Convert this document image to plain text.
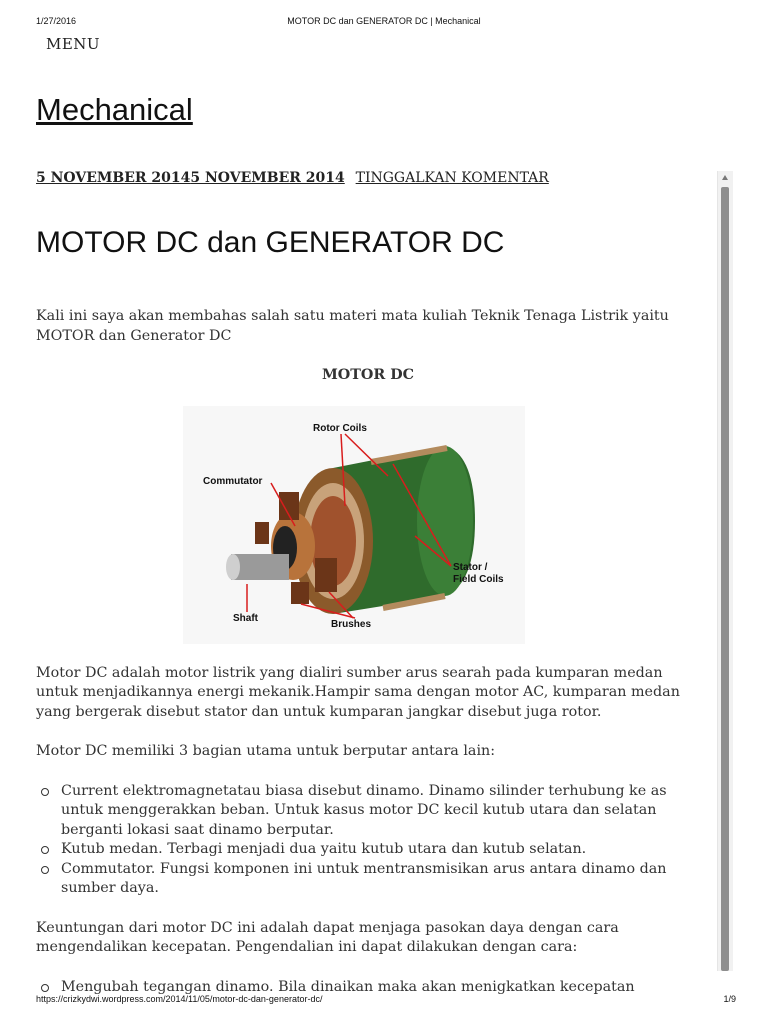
1/27/2016	MOTOR DC dan GENERATOR DC | Mechanical
MENU
Mechanical
5 NOVEMBER 20145 NOVEMBER 2014 TINGGALKAN KOMENTAR
MOTOR DC dan GENERATOR DC

Kali ini saya akan membahas salah satu materi mata kuliah Teknik Tenaga Listrik yaitu MOTOR dan Generator DC

MOTOR DC

Rotor Coils
Commutator
Stator /
Field Coils
Shaft
Brushes

Motor DC adalah motor listrik yang dialiri sumber arus searah pada kumparan medan untuk menjadikannya energi mekanik.Hampir sama dengan motor AC, kumparan medan yang bergerak disebut stator dan untuk kumparan jangkar disebut juga rotor.

Motor DC memiliki 3 bagian utama untuk berputar antara lain:

Current elektromagnetatau biasa disebut dinamo. Dinamo silinder terhubung ke as untuk menggerakkan beban. Untuk kasus motor DC kecil kutub utara dan selatan berganti lokasi saat dinamo berputar.
Kutub medan. Terbagi menjadi dua yaitu kutub utara dan kutub selatan.
Commutator. Fungsi komponen ini untuk mentransmisikan arus antara dinamo dan sumber daya.

Keuntungan dari motor DC ini adalah dapat menjaga pasokan daya dengan cara mengendalikan kecepatan. Pengendalian ini dapat dilakukan dengan cara:

Mengubah tegangan dinamo. Bila dinaikan maka akan menigkatkan kecepatan
https://crizkydwi.wordpress.com/2014/11/05/motor-dc-dan-generator-dc/	1/9
